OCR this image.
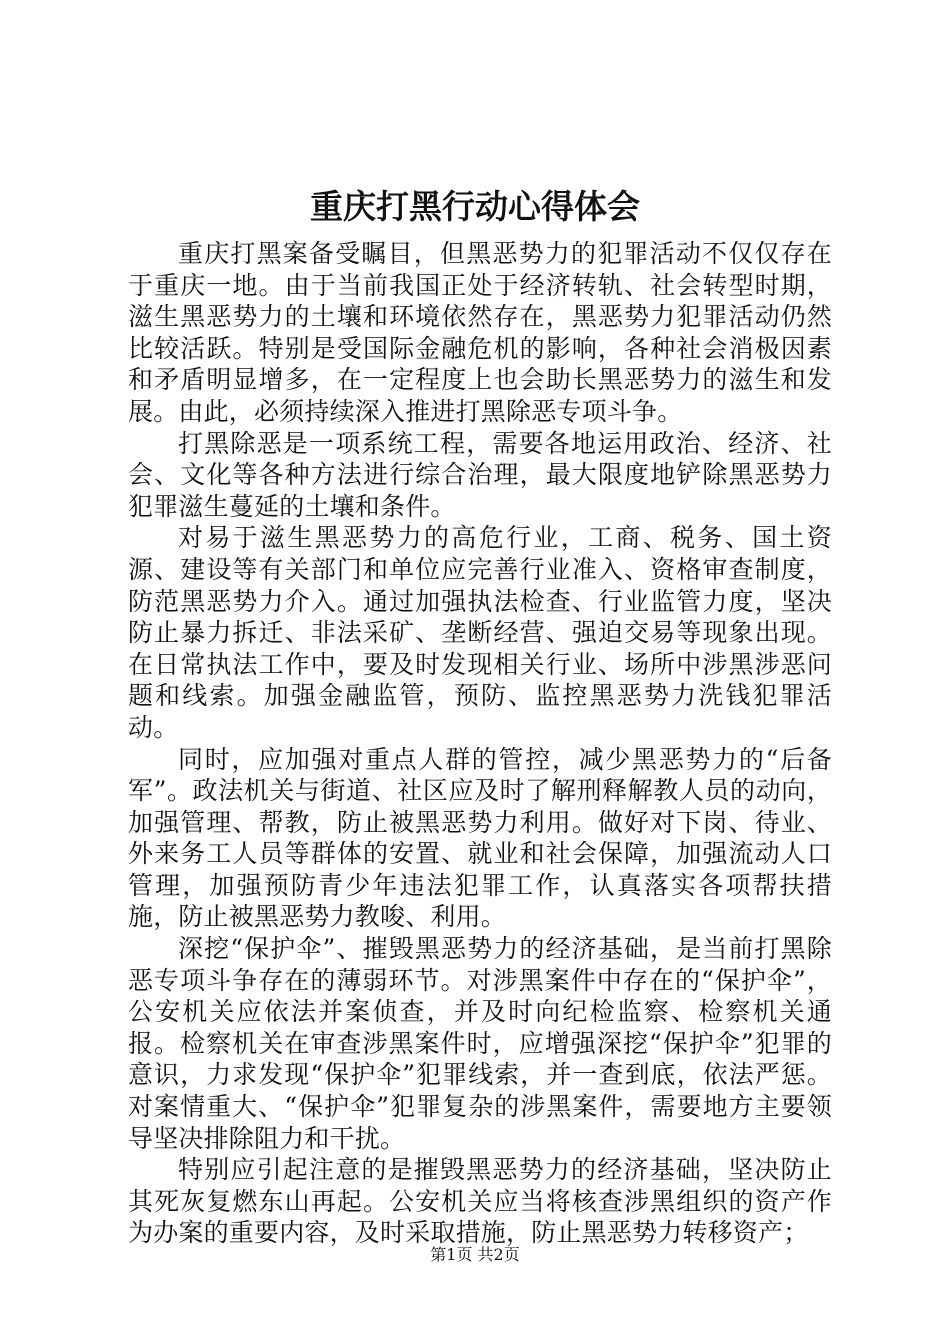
重庆打黑行动心得体会

重庆打黑案备受瞩目，但黑恶势力的犯罪活动不仅仅存在于重庆一地。由于当前我国正处于经济转轨、社会转型时期，滋生黑恶势力的土壤和环境依然存在，黑恶势力犯罪活动仍然比较活跃。特别是受国际金融危机的影响，各种社会消极因素和矛盾明显增多，在一定程度上也会助长黑恶势力的滋生和发展。由此，必须持续深入推进打黑除恶专项斗争。

打黑除恶是一项系统工程，需要各地运用政治、经济、社会、文化等各种方法进行综合治理，最大限度地铲除黑恶势力犯罪滋生蔓延的土壤和条件。

对易于滋生黑恶势力的高危行业，工商、税务、国土资源、建设等有关部门和单位应完善行业准入、资格审查制度，防范黑恶势力介入。通过加强执法检查、行业监管力度，坚决防止暴力拆迁、非法采矿、垄断经营、强迫交易等现象出现。在日常执法工作中，要及时发现相关行业、场所中涉黑涉恶问题和线索。加强金融监管，预防、监控黑恶势力洗钱犯罪活动。

同时，应加强对重点人群的管控，减少黑恶势力的“后备军”。政法机关与街道、社区应及时了解刑释解教人员的动向，加强管理、帮教，防止被黑恶势力利用。做好对下岗、待业、外来务工人员等群体的安置、就业和社会保障，加强流动人口管理，加强预防青少年违法犯罪工作，认真落实各项帮扶措施，防止被黑恶势力教唆、利用。

深挖“保护伞”、摧毁黑恶势力的经济基础，是当前打黑除恶专项斗争存在的薄弱环节。对涉黑案件中存在的“保护伞”，公安机关应依法并案侦查，并及时向纪检监察、检察机关通报。检察机关在审查涉黑案件时，应增强深挖“保护伞”犯罪的意识，力求发现“保护伞”犯罪线索，并一查到底，依法严惩。对案情重大、“保护伞”犯罪复杂的涉黑案件，需要地方主要领导坚决排除阻力和干扰。

特别应引起注意的是摧毁黑恶势力的经济基础，坚决防止其死灰复燃东山再起。公安机关应当将核查涉黑组织的资产作为办案的重要内容，及时采取措施，防止黑恶势力转移资产；

第1页 共2页
